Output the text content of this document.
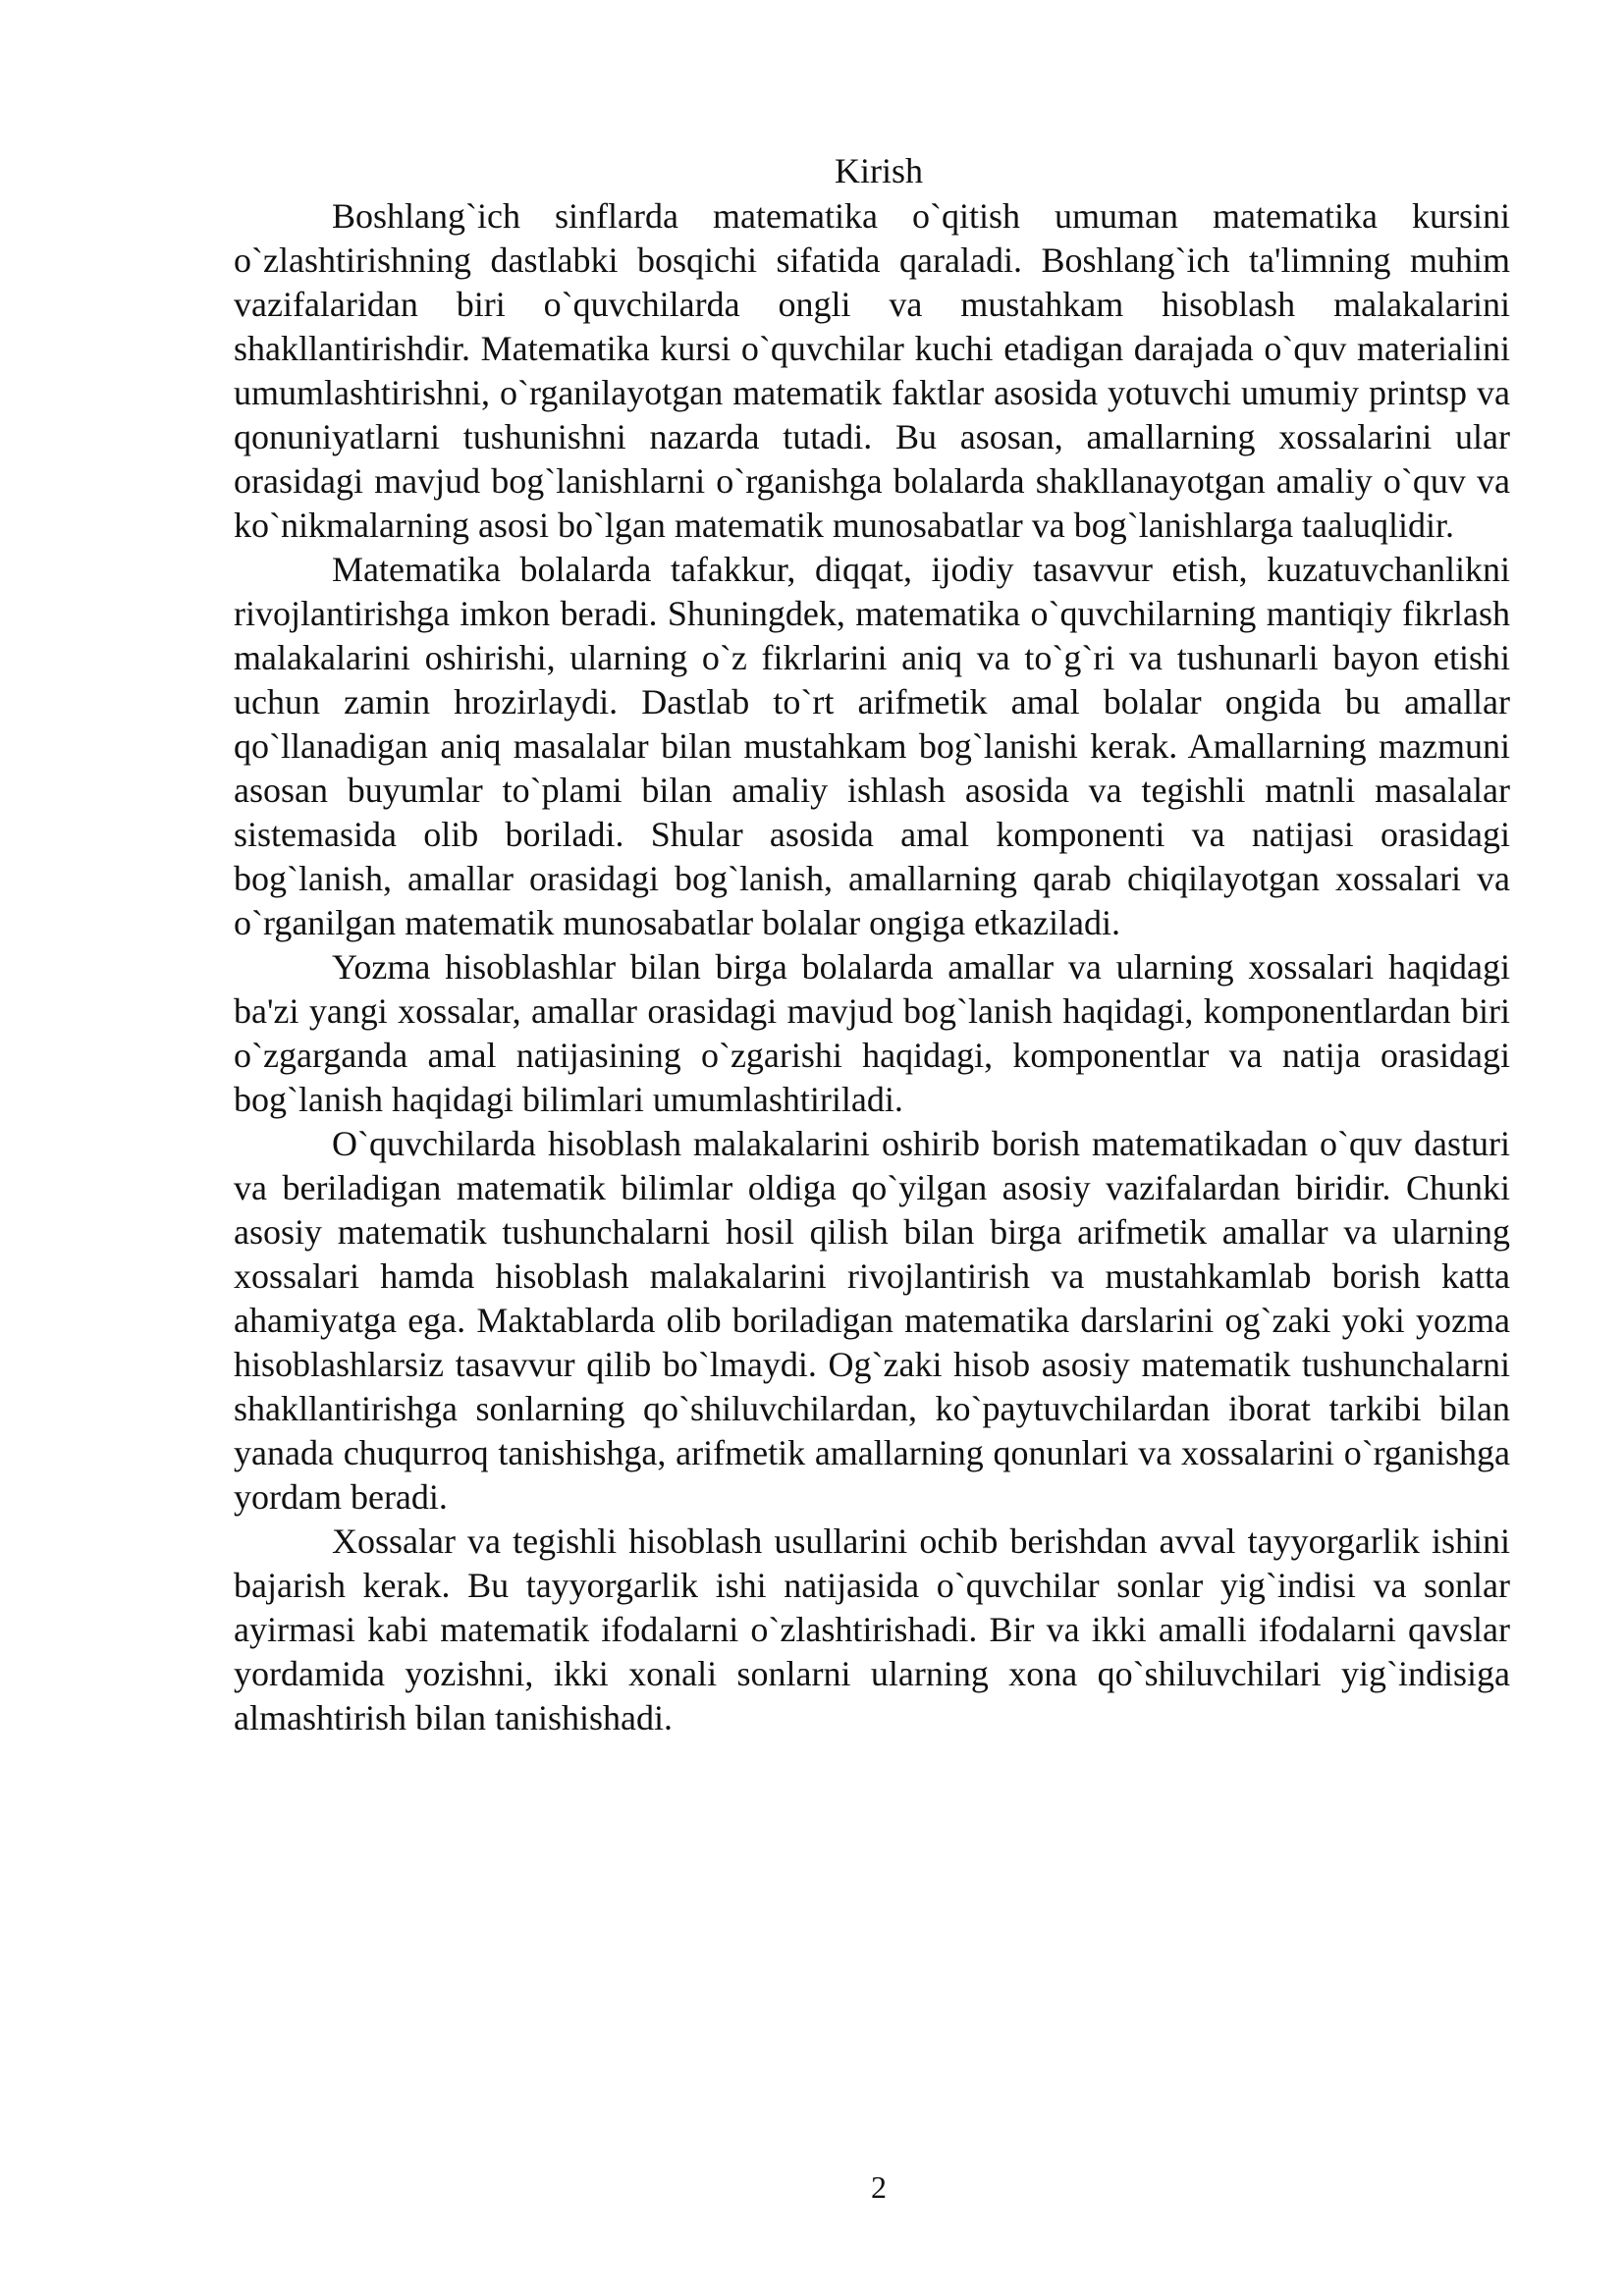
Kirish

Boshlang`ich sinflarda matematika o`qitish umuman matematika kursini o`zlashtirishning dastlabki bosqichi sifatida qaraladi. Boshlang`ich ta'limning muhim vazifalaridan biri o`quvchilarda ongli va mustahkam hisoblash malakalarini shakllantirishdir. Matematika kursi o`quvchilar kuchi etadigan darajada o`quv materialini umumlashtirishni, o`rganilayotgan matematik faktlar asosida yotuvchi umumiy printsp va qonuniyatlarni tushunishni nazarda tutadi. Bu asosan, amallarning xossalarini ular orasidagi mavjud bog`lanishlarni o`rganishga bolalarda shakllanayotgan amaliy o`quv va ko`nikmalarning asosi bo`lgan matematik munosabatlar va bog`lanishlarga taaluqlidir.

Matematika bolalarda tafakkur, diqqat, ijodiy tasavvur etish, kuzatuvchanlikni rivojlantirishga imkon beradi. Shuningdek, matematika o`quvchilarning mantiqiy fikrlash malakalarini oshirishi, ularning o`z fikrlarini aniq va to`g`ri va tushunarli bayon etishi uchun zamin hrozirlaydi. Dastlab to`rt arifmetik amal bolalar ongida bu amallar qo`llanadigan aniq masalalar bilan mustahkam bog`lanishi kerak. Amallarning mazmuni asosan buyumlar to`plami bilan amaliy ishlash asosida va tegishli matnli masalalar sistemasida olib boriladi. Shular asosida amal komponenti va natijasi orasidagi bog`lanish, amallar orasidagi bog`lanish, amallarning qarab chiqilayotgan xossalari va o`rganilgan matematik munosabatlar bolalar ongiga etkaziladi.

Yozma hisoblashlar bilan birga bolalarda amallar va ularning xossalari haqidagi ba'zi yangi xossalar, amallar orasidagi mavjud bog`lanish haqidagi, komponentlardan biri o`zgarganda amal natijasining o`zgarishi haqidagi, komponentlar va natija orasidagi bog`lanish haqidagi bilimlari umumlashtiriladi.

O`quvchilarda hisoblash malakalarini oshirib borish matematikadan o`quv dasturi va beriladigan matematik bilimlar oldiga qo`yilgan asosiy vazifalardan biridir. Chunki asosiy matematik tushunchalarni hosil qilish bilan birga arifmetik amallar va ularning xossalari hamda hisoblash malakalarini rivojlantirish va mustahkamlab borish katta ahamiyatga ega. Maktablarda olib boriladigan matematika darslarini og`zaki yoki yozma hisoblashlarsiz tasavvur qilib bo`lmaydi. Og`zaki hisob asosiy matematik tushunchalarni shakllantirishga sonlarning qo`shiluvchilardan, ko`paytuvchilardan iborat tarkibi bilan yanada chuqurroq tanishishga, arifmetik amallarning qonunlari va xossalarini o`rganishga yordam beradi.

Xossalar va tegishli hisoblash usullarini ochib berishdan avval tayyorgarlik ishini bajarish kerak. Bu tayyorgarlik ishi natijasida o`quvchilar sonlar yig`indisi va sonlar ayirmasi kabi matematik ifodalarni o`zlashtirishadi. Bir va ikki amalli ifodalarni qavslar yordamida yozishni, ikki xonali sonlarni ularning xona qo`shiluvchilari yig`indisiga almashtirish bilan tanishishadi.

2
